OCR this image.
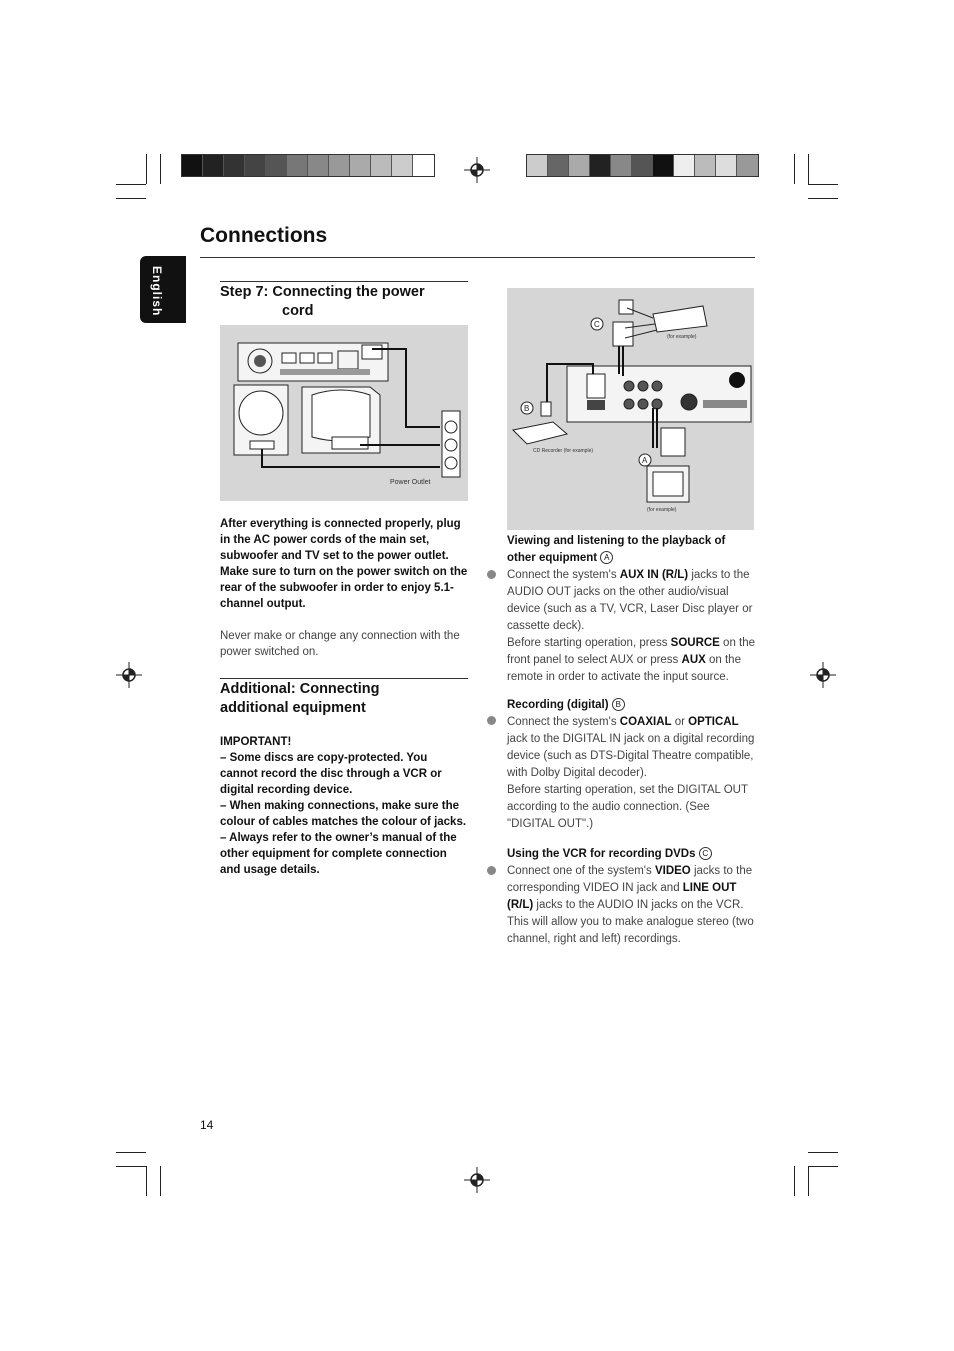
Connections
English	Step 7: Connecting the power
cord
Power Outlet
After everything is connected properly, plug in the AC power cords of the main set, subwoofer and TV set to the power outlet. Make sure to turn on the power switch on the rear of the subwoofer in order to enjoy 5.1-channel output.
Never make or change any connection with the power switched on.
Additional: Connecting
additional equipment
IMPORTANT!
– Some discs are copy-protected. You cannot record the disc through a VCR or digital recording device.
– When making connections, make sure the colour of cables matches the colour of jacks.
– Always refer to the owner’s manual of the other equipment for complete connection and usage details.
(for example)
CD Recorder (for example)
(for example)
C
B
A
Viewing and listening to the playback of other equipment A
Connect the system's AUX IN (R/L) jacks to the AUDIO OUT jacks on the other audio/visual device (such as a TV, VCR, Laser Disc player or cassette deck).
Before starting operation, press SOURCE on the front panel to select AUX or press AUX on the remote in order to activate the input source.
Recording (digital) B
Connect the system's COAXIAL or OPTICAL jack to the DIGITAL IN jack on a digital recording device (such as DTS-Digital Theatre compatible, with Dolby Digital decoder).
Before starting operation, set the DIGITAL OUT according to the audio connection. (See "DIGITAL OUT".)
Using the VCR for recording DVDs C
Connect one of the system's VIDEO jacks to the corresponding VIDEO IN jack and LINE OUT (R/L) jacks to the AUDIO IN jacks on the VCR. This will allow you to make analogue stereo (two channel, right and left) recordings.
14
